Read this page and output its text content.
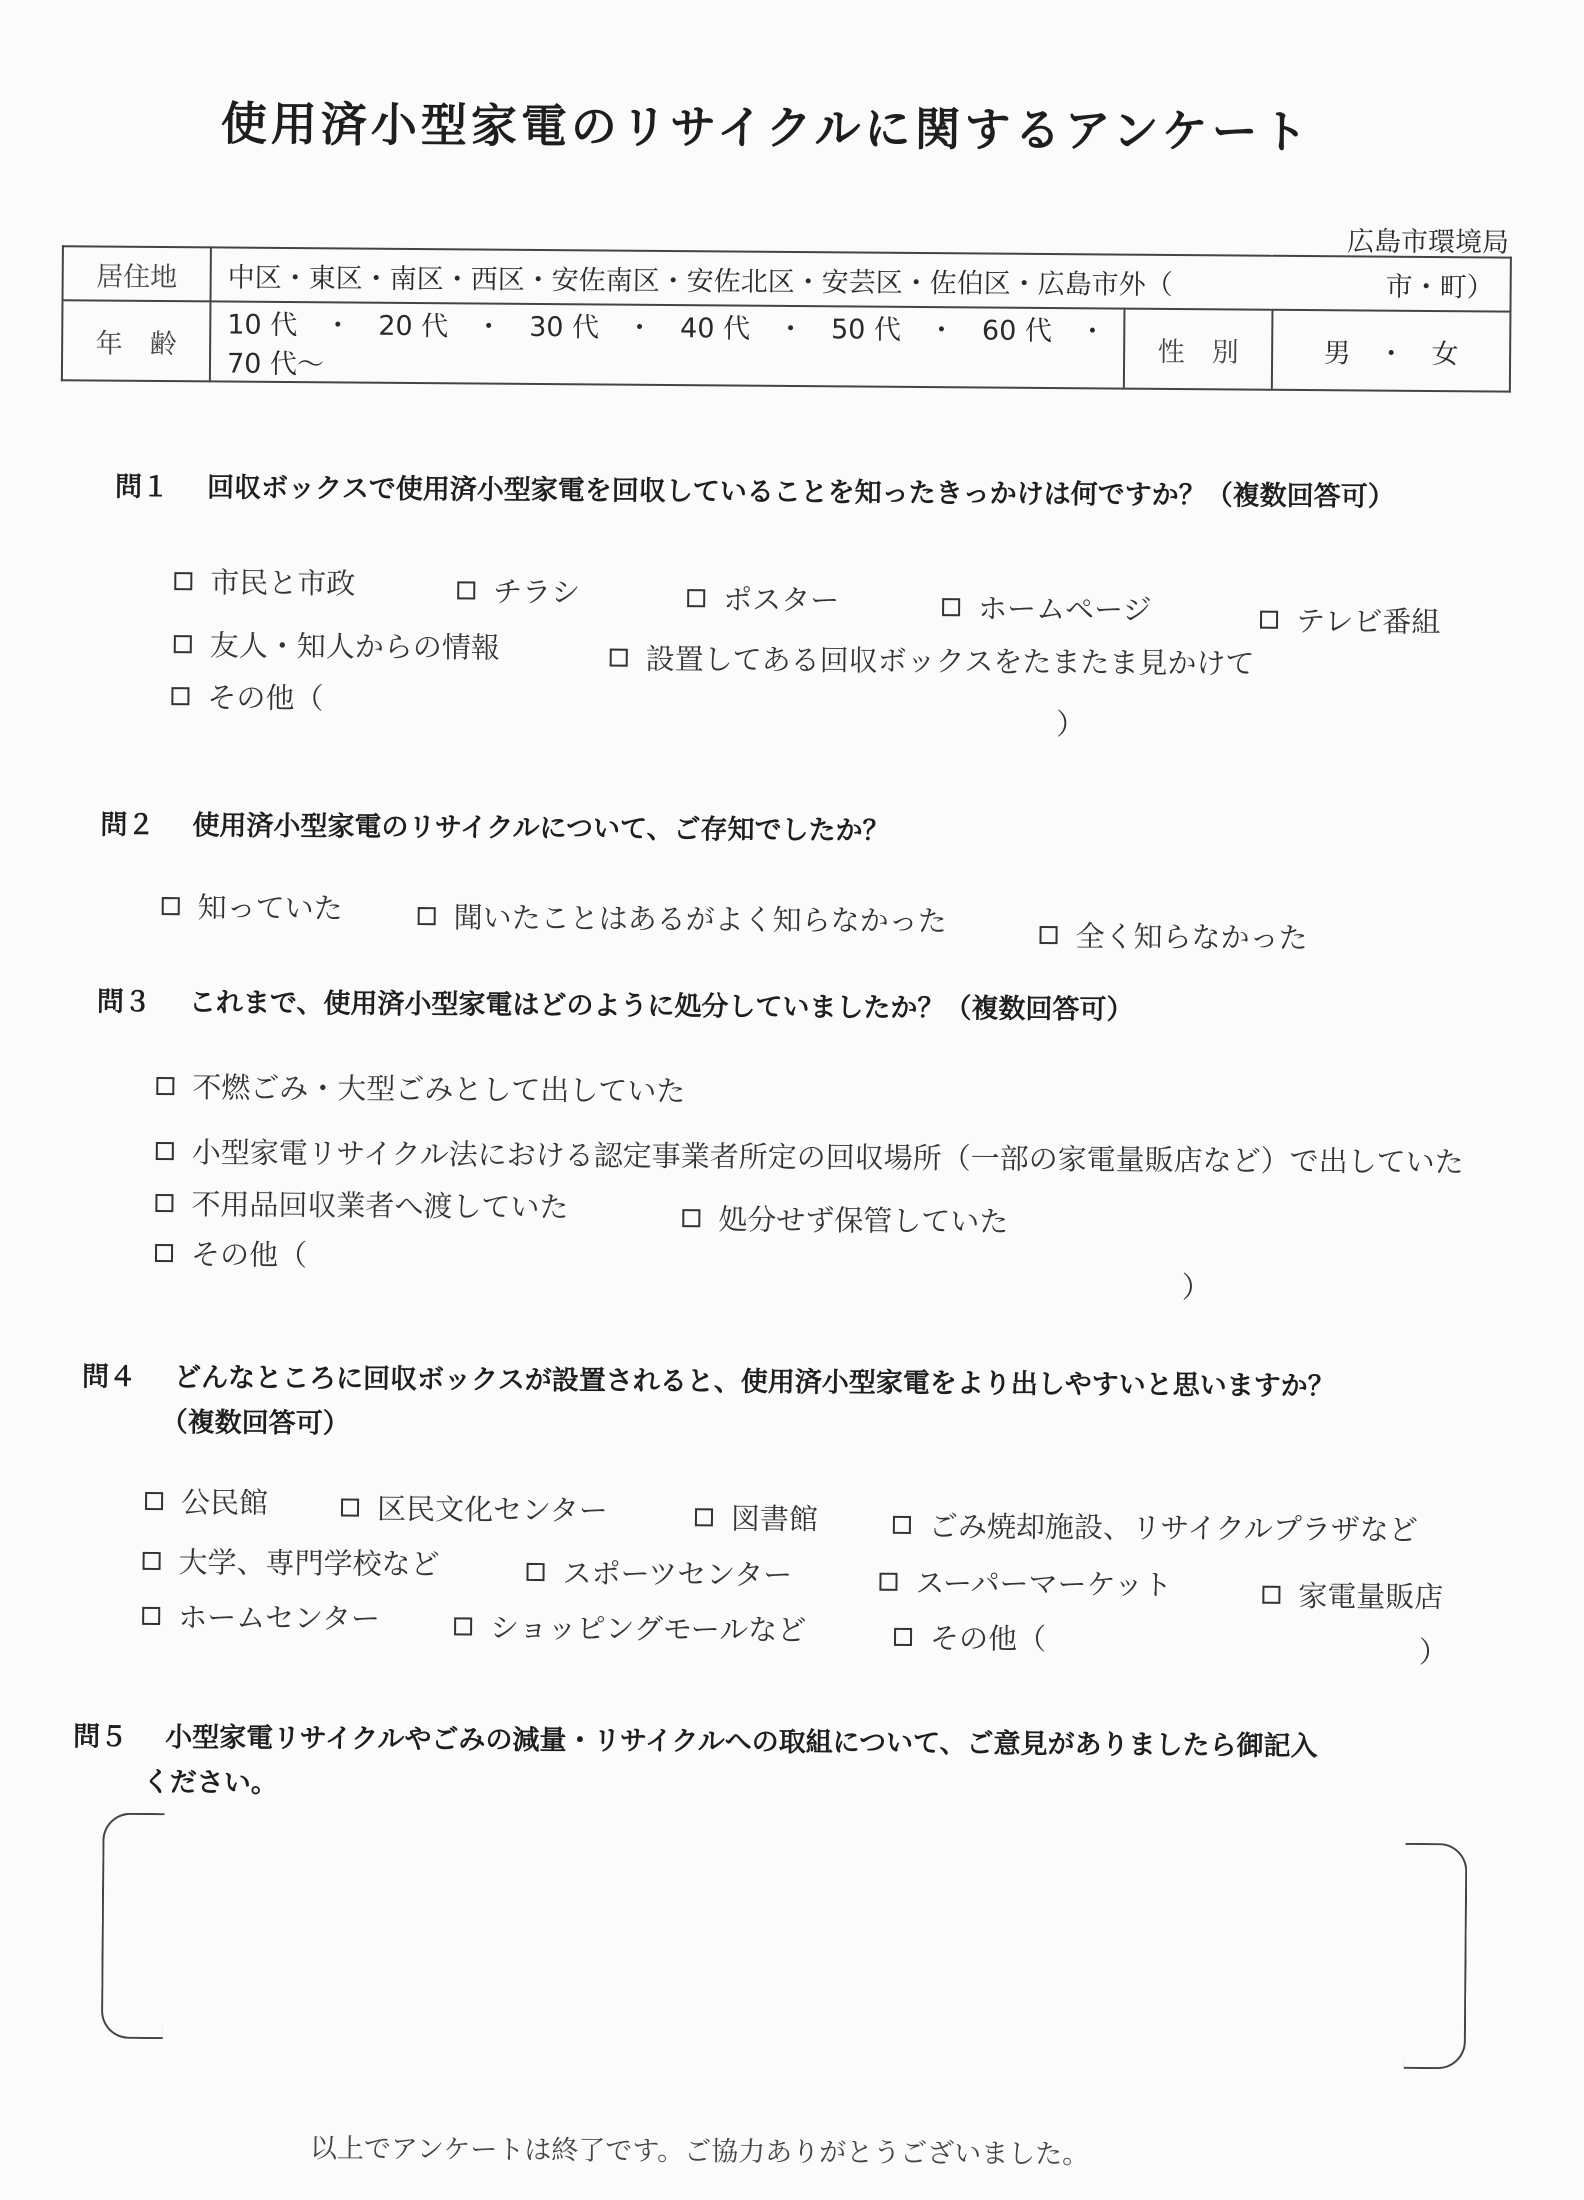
使用済小型家電のリサイクルに関するアンケート
広島市環境局
居住地	中区・東区・南区・西区・安佐南区・安佐北区・安芸区・佐伯区・広島市外（ 市・町）		

年　齢	10 代　・　20 代　・　30 代　・　40 代　・　50 代　・　60 代　・　70 代～	性　別	男　・　女
問１ 回収ボックスで使用済小型家電を回収していることを知ったきっかけは何ですか？（複数回答可）
市民と市政	チラシ	ポスター	ホームページ	テレビ番組
友人・知人からの情報	設置してある回収ボックスをたまたま見かけて
その他（
）
問２ 使用済小型家電のリサイクルについて、ご存知でしたか？
知っていた	聞いたことはあるがよく知らなかった	全く知らなかった
問３ これまで、使用済小型家電はどのように処分していましたか？（複数回答可）
不燃ごみ・大型ごみとして出していた
小型家電リサイクル法における認定事業者所定の回収場所（一部の家電量販店など）で出していた
不用品回収業者へ渡していた	処分せず保管していた
その他（
）
問４ どんなところに回収ボックスが設置されると、使用済小型家電をより出しやすいと思いますか？
（複数回答可）
公民館	区民文化センター	図書館	ごみ焼却施設、リサイクルプラザなど
大学、専門学校など	スポーツセンター	スーパーマーケット	家電量販店
ホームセンター	ショッピングモールなど	その他（	）
問５ 小型家電リサイクルやごみの減量・リサイクルへの取組について、ご意見がありましたら御記入
ください。
以上でアンケートは終了です。ご協力ありがとうございました。
